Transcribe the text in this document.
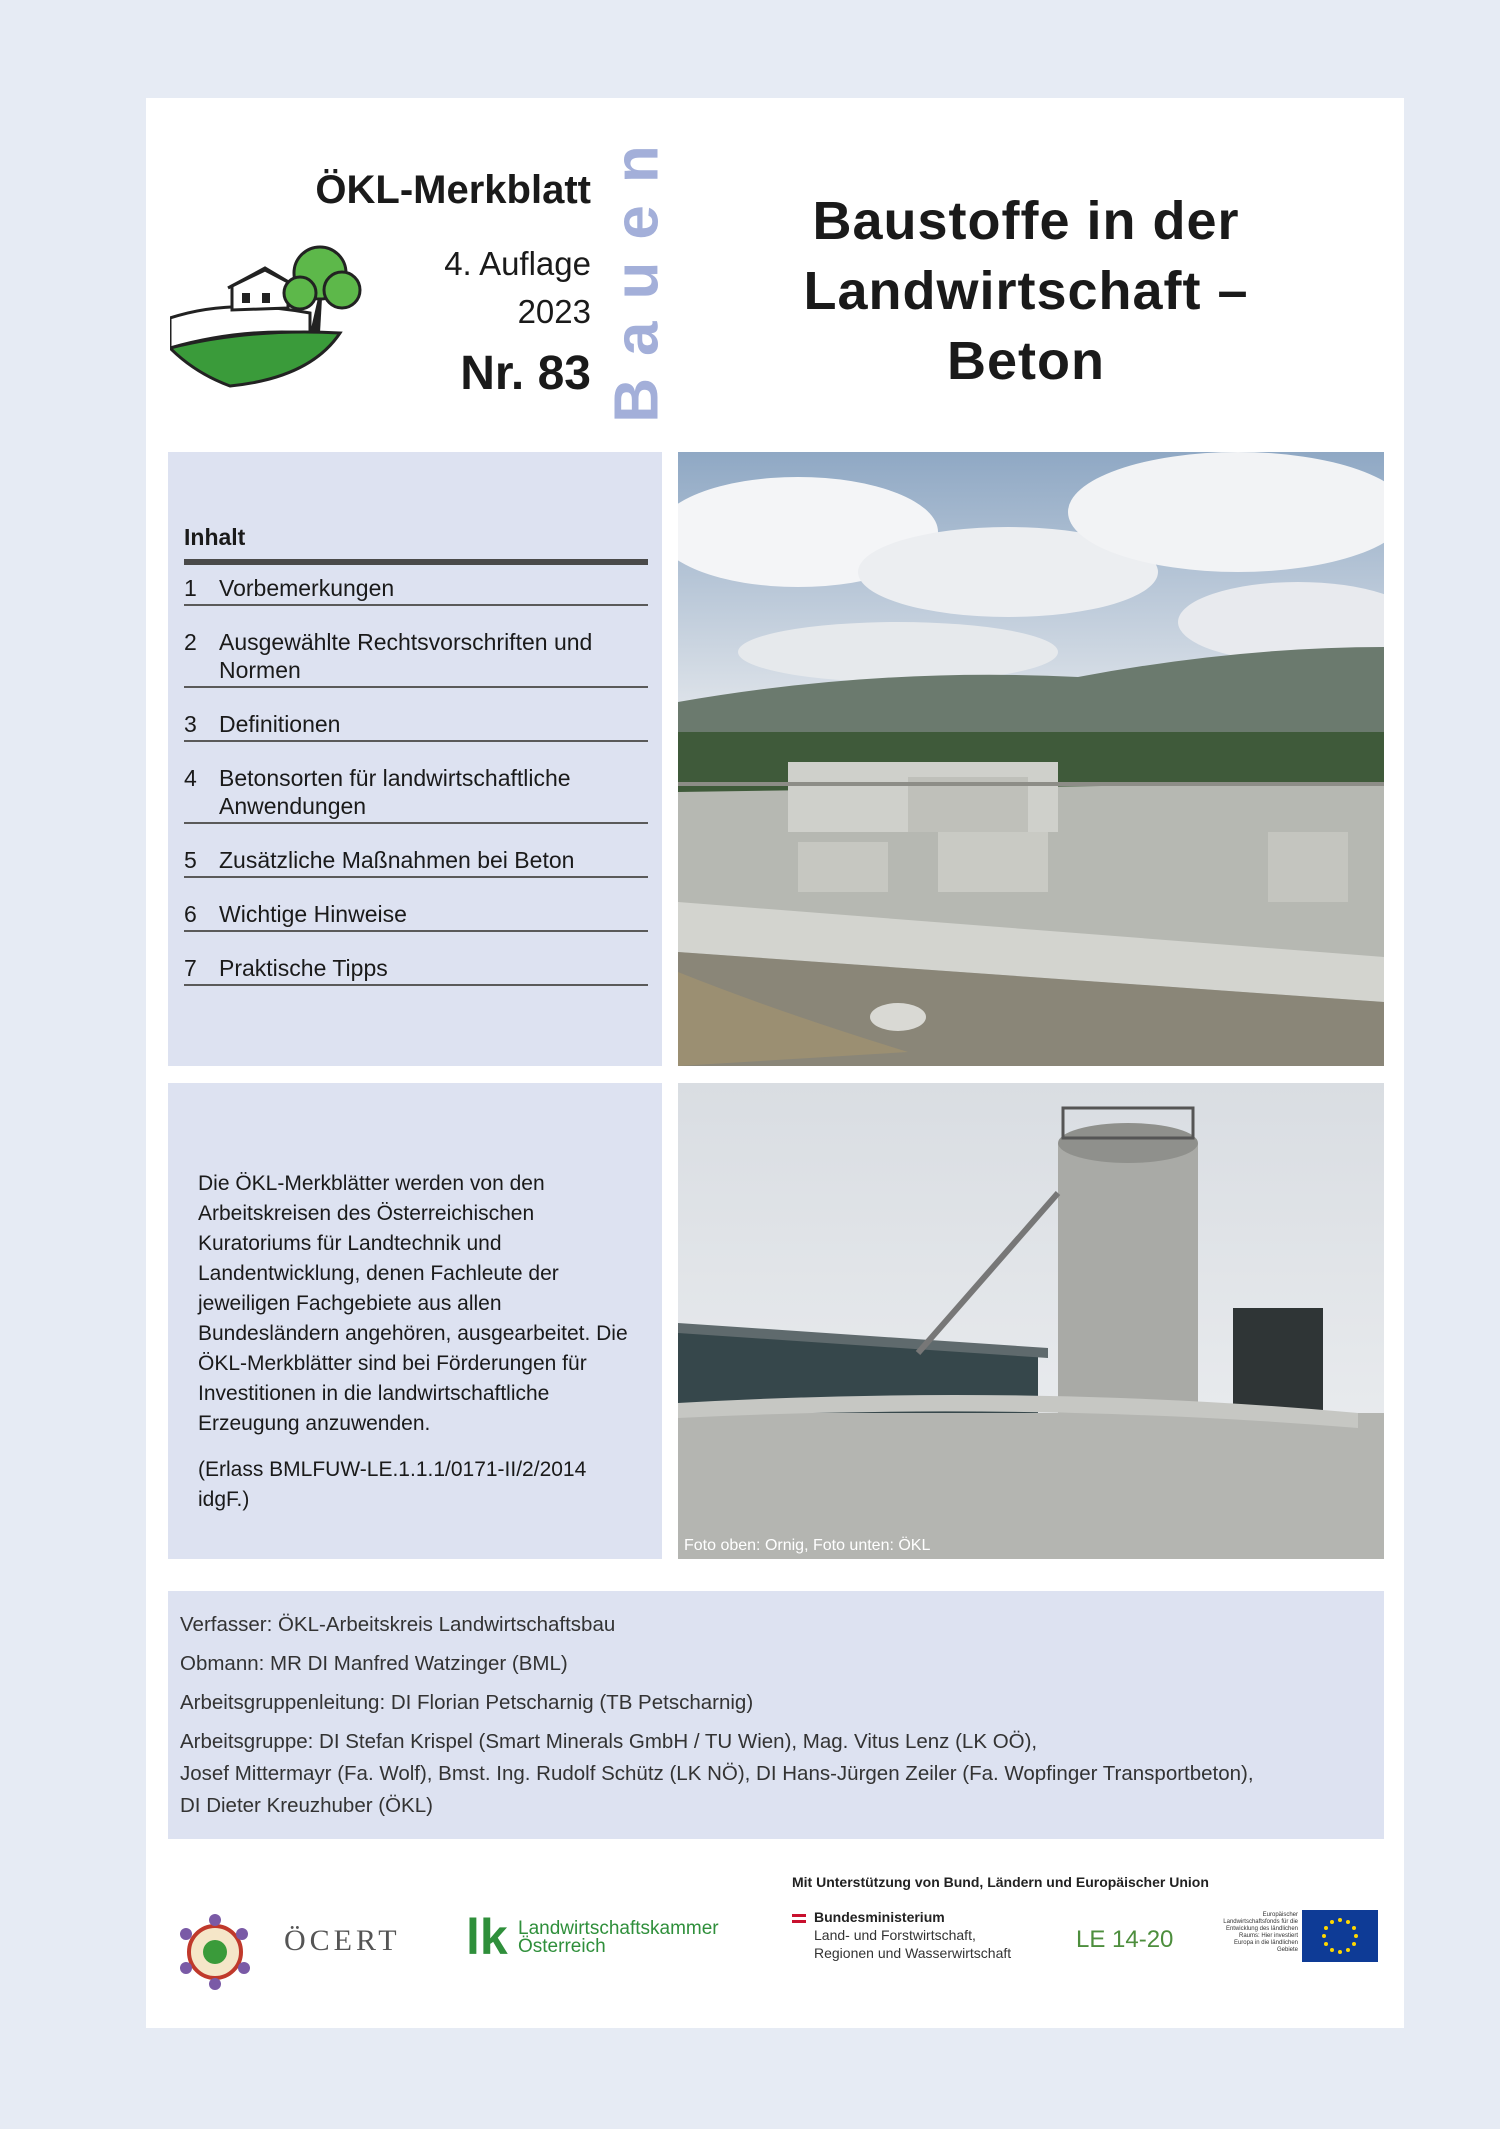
ÖKL-Merkblatt
4. Auflage
2023
Nr. 83 Bauen	Baustoffe in der
Landwirtschaft –
Beton
Inhalt
1 Vorbemerkungen
2 Ausgewählte Rechtsvorschriften und Normen
3 Definitionen
4 Betonsorten für landwirtschaftliche Anwendungen
5 Zusätzliche Maßnahmen bei Beton
6 Wichtige Hinweise
7 Praktische Tipps
Die ÖKL-Merkblätter werden von den Arbeitskreisen des Österreichischen Kuratoriums für Landtechnik und Landentwicklung, denen Fachleute der jeweiligen Fachgebiete aus allen Bundesländern angehören, ausgearbeitet. Die ÖKL-Merkblätter sind bei Förderungen für Investitionen in die landwirtschaftliche Erzeugung anzuwenden.
(Erlass BMLFUW-LE.1.1.1/0171-II/2/2014 idgF.)
Foto oben: Ornig, Foto unten: ÖKL

Verfasser: ÖKL-Arbeitskreis Landwirtschaftsbau

Obmann: MR DI Manfred Watzinger (BML)

Arbeitsgruppenleitung: DI Florian Petscharnig (TB Petscharnig)

Arbeitsgruppe: DI Stefan Krispel (Smart Minerals GmbH / TU Wien), Mag. Vitus Lenz (LK OÖ),

Josef Mittermayr (Fa. Wolf), Bmst. Ing. Rudolf Schütz (LK NÖ), DI Hans-Jürgen Zeiler (Fa. Wopfinger Transportbeton),

DI Dieter Kreuzhuber (ÖKL)

ÖCERT lk Landwirtschaftskammer
Österreich
Mit Unterstützung von Bund, Ländern und Europäischer Union
Bundesministerium
Land- und Forstwirtschaft,
Regionen und Wasserwirtschaft	LE 14-20
Europäischer Landwirtschaftsfonds für die Entwicklung des ländlichen Raums: Hier investiert Europa in die ländlichen Gebiete
